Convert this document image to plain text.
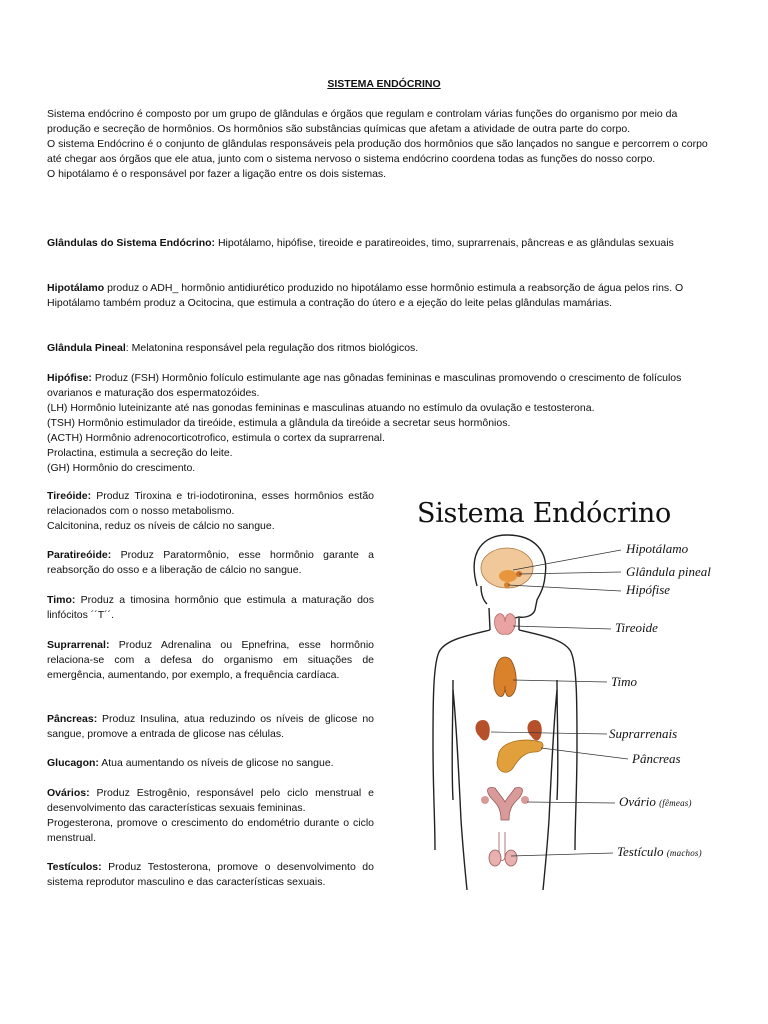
SISTEMA ENDÓCRINO

Sistema endócrino é composto por um grupo de glândulas e órgãos que regulam e controlam várias funções do organismo por meio da produção e secreção de hormônios. Os hormônios são substâncias químicas que afetam a atividade de outra parte do corpo.

O sistema Endócrino é o conjunto de glândulas responsáveis pela produção dos hormônios que são lançados no sangue e percorrem o corpo até chegar aos órgãos que ele atua, junto com o sistema nervoso o sistema endócrino coordena todas as funções do nosso corpo.

O hipotálamo é o responsável por fazer a ligação entre os dois sistemas.

Glândulas do Sistema Endócrino: Hipotálamo, hipófise, tireoide e paratireoides, timo, suprarrenais, pâncreas e as glândulas sexuais

Hipotálamo produz o ADH_ hormônio antidiurético produzido no hipotálamo esse hormônio estimula a reabsorção de água pelos rins. O Hipotálamo também produz a Ocitocina, que estimula a contração do útero e a ejeção do leite pelas glândulas mamárias.

Glândula Pineal: Melatonina responsável pela regulação dos ritmos biológicos.

Hipófise: Produz (FSH) Hormônio folículo estimulante age nas gônadas femininas e masculinas promovendo o crescimento de folículos ovarianos e maturação dos espermatozóides.

(LH) Hormônio luteinizante até nas gonodas femininas e masculinas atuando no estímulo da ovulação e testosterona.

(TSH) Hormônio estimulador da tireóide, estimula a glândula da tireóide a secretar seus hormônios.

(ACTH) Hormônio adrenocorticotrofico, estimula o cortex da suprarrenal.

Prolactina, estimula a secreção do leite.

(GH) Hormônio do crescimento.

Tireóide: Produz Tiroxina e tri-iodotironina, esses hormônios estão relacionados com o nosso metabolismo.

Calcitonina, reduz os níveis de cálcio no sangue.

Paratireóide: Produz Paratormônio, esse hormônio garante a reabsorção do osso e a liberação de cálcio no sangue.

Timo: Produz a timosina hormônio que estimula a maturação dos linfócitos ´´T´´.

Suprarrenal: Produz Adrenalina ou Epnefrina, esse hormônio relaciona-se com a defesa do organismo em situações de emergência, aumentando, por exemplo, a frequência cardíaca.

Pâncreas: Produz Insulina, atua reduzindo os níveis de glicose no sangue, promove a entrada de glicose nas células.

Glucagon: Atua aumentando os níveis de glicose no sangue.

Ovários: Produz Estrogênio, responsável pelo ciclo menstrual e desenvolvimento das características sexuais femininas.

Progesterona, promove o crescimento do endométrio durante o ciclo menstrual.

Testículos: Produz Testosterona, promove o desenvolvimento do sistema reprodutor masculino e das características sexuais.

Sistema Endócrino
Hipotálamo
Glândula pineal
Hipófise
Tireoide
Timo
Suprarrenais
Pâncreas
Ovário (fêmeas)
Testículo (machos)
